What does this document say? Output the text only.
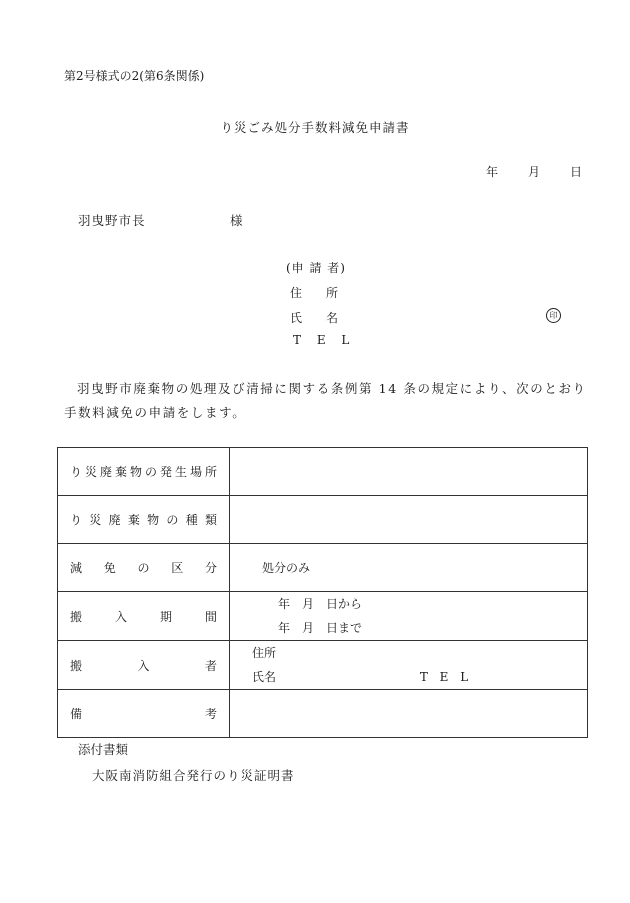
第2号様式の2(第6条関係)
り災ごみ処分手数料減免申請書
年 月 日
羽曳野市長	様
(申 請 者)
住　所
氏　名	印
T E L
羽曳野市廃棄物の処理及び清掃に関する条例第 14 条の規定により、次のとおり手数料減免の申請をします。
り災廃棄物の発生場所	

り災廃棄物の種類	

減免の区分	処分のみ

搬入期間	年　月　日から
年　月　日まで

搬入者	住所
氏名 T E L

備考	

添付書類
大阪南消防組合発行のり災証明書
